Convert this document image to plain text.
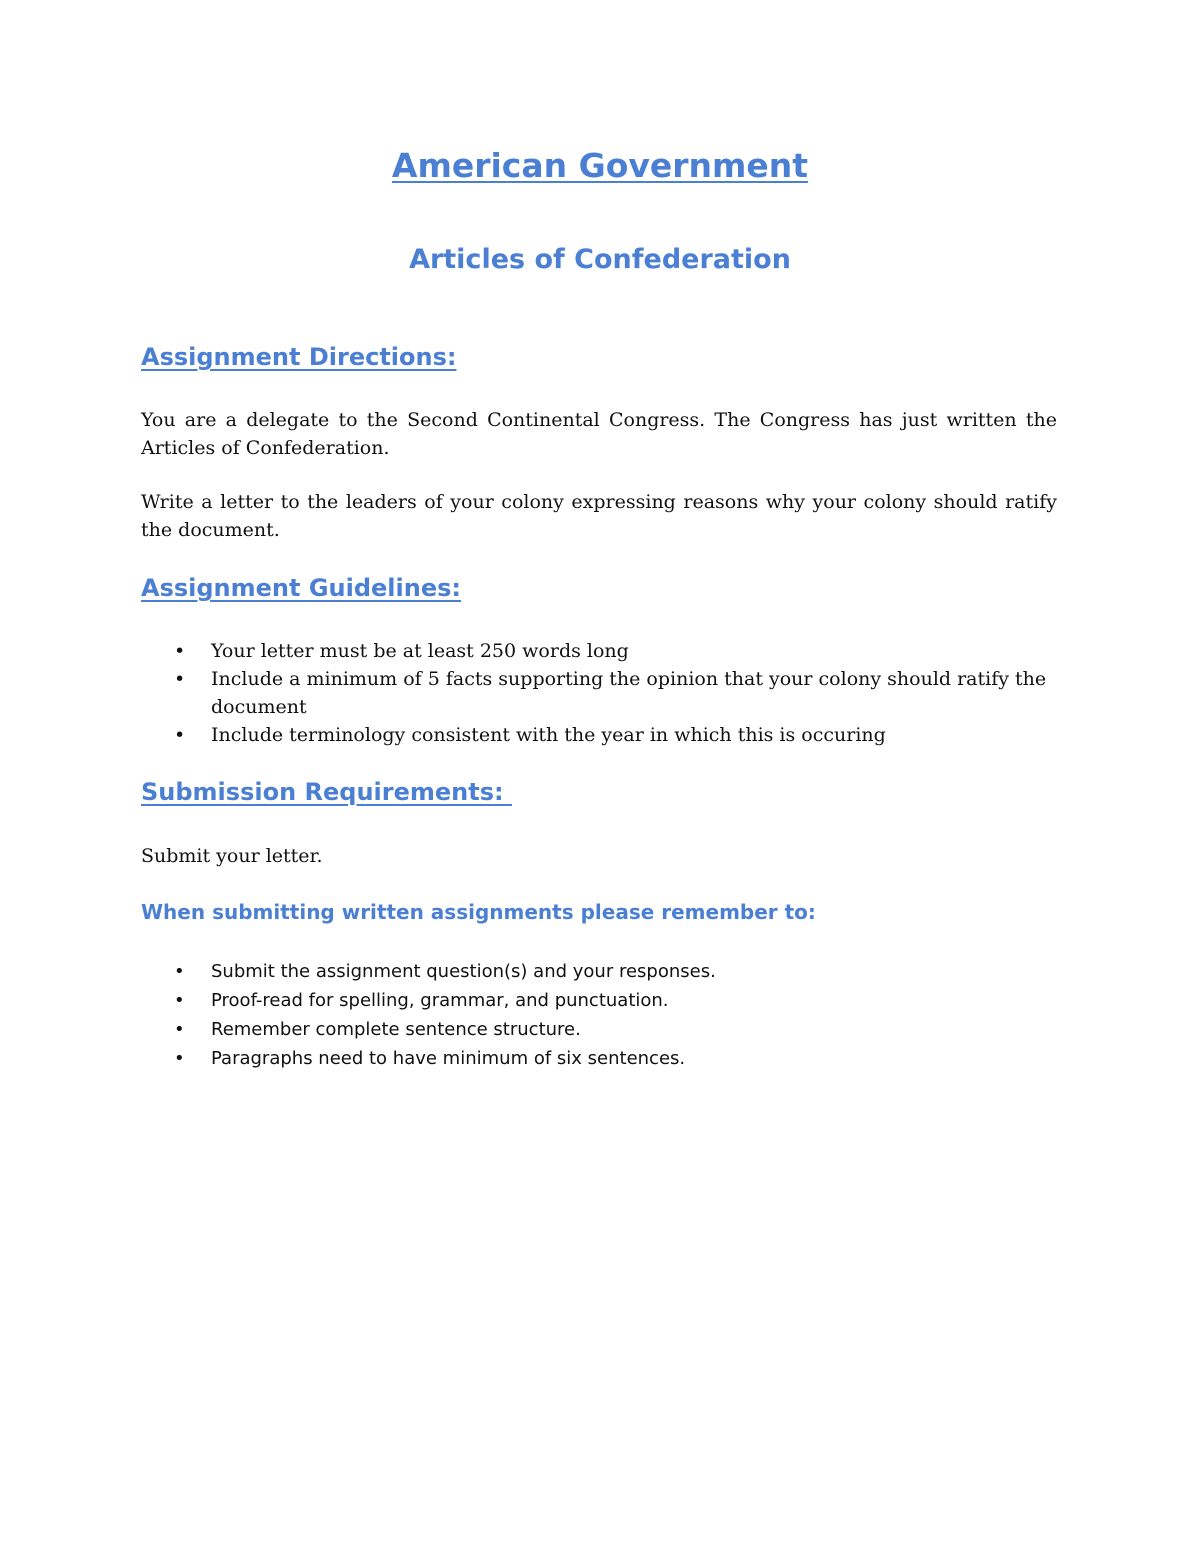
American Government
Articles of Confederation
Assignment Directions:

You are a delegate to the Second Continental Congress. The Congress has just written the Articles of Confederation.

Write a letter to the leaders of your colony expressing reasons why your colony should ratify the document.

Assignment Guidelines:
• Your letter must be at least 250 words long
• Include a minimum of 5 facts supporting the opinion that your colony should ratify the document
• Include terminology consistent with the year in which this is occuring
Submission Requirements:

Submit your letter.

When submitting written assignments please remember to:
• Submit the assignment question(s) and your responses.
• Proof-read for spelling, grammar, and punctuation.
• Remember complete sentence structure.
• Paragraphs need to have minimum of six sentences.
